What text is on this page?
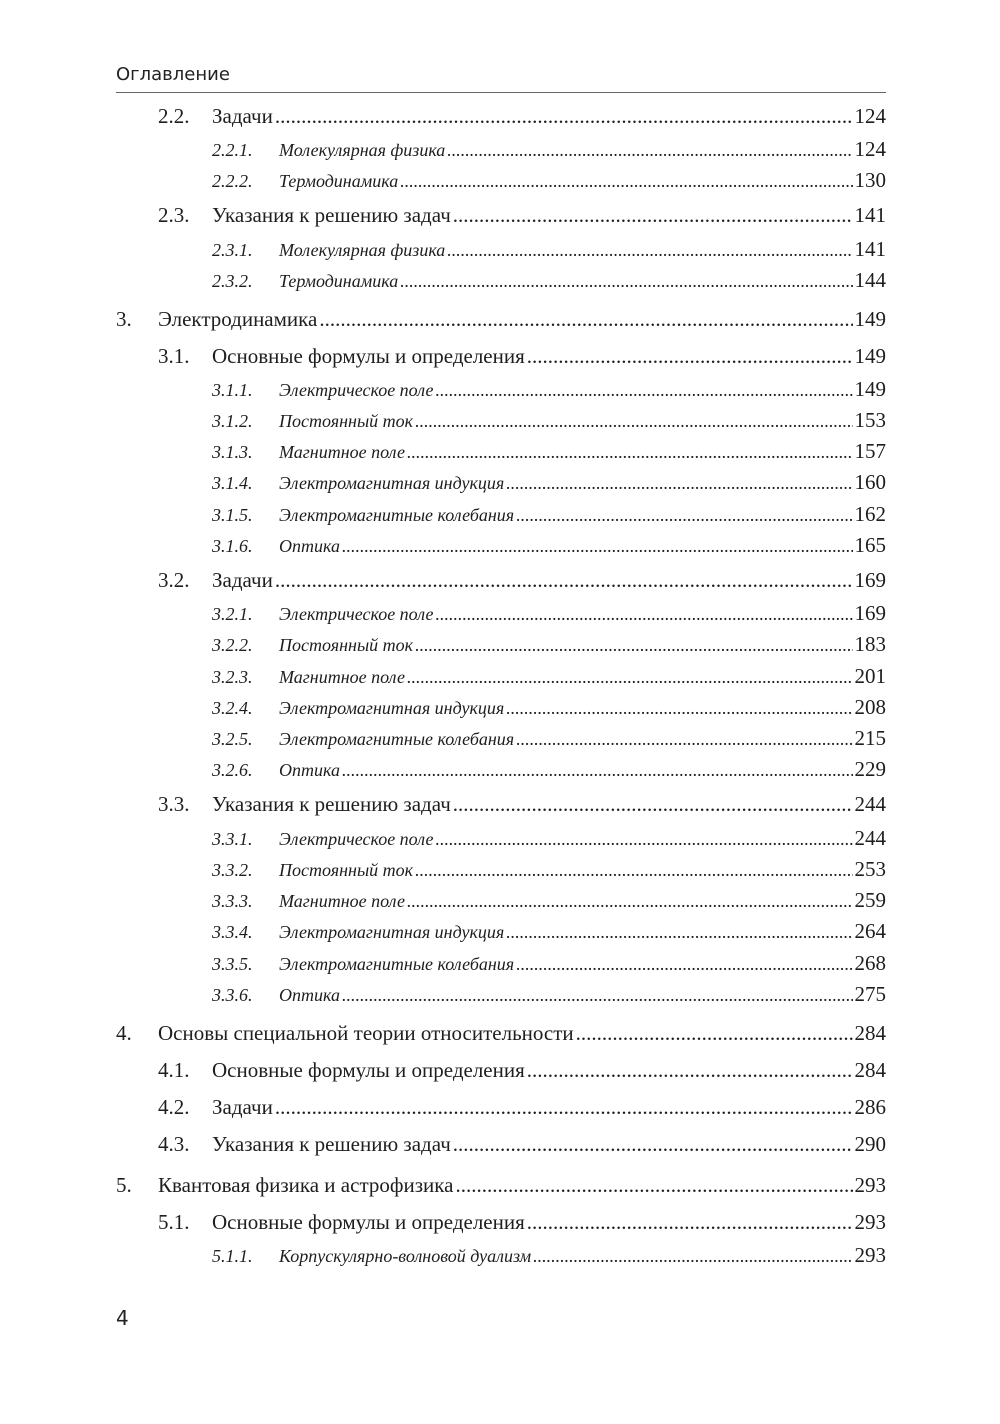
Оглавление
2.2.	Задачи .....	124
2.2.1.	Молекулярная физика .....	124
2.2.2.	Термодинамика .....	130
2.3.	Указания к решению задач .....	141
2.3.1.	Молекулярная физика .....	141
2.3.2.	Термодинамика .....	144
3.	Электродинамика .....	149
3.1.	Основные формулы и определения .....	149
3.1.1.	Электрическое поле .....	149
3.1.2.	Постоянный ток .....	153
3.1.3.	Магнитное поле .....	157
3.1.4.	Электромагнитная индукция .....	160
3.1.5.	Электромагнитные колебания .....	162
3.1.6.	Оптика .....	165
3.2.	Задачи .....	169
3.2.1.	Электрическое поле .....	169
3.2.2.	Постоянный ток .....	183
3.2.3.	Магнитное поле .....	201
3.2.4.	Электромагнитная индукция .....	208
3.2.5.	Электромагнитные колебания .....	215
3.2.6.	Оптика .....	229
3.3.	Указания к решению задач .....	244
3.3.1.	Электрическое поле .....	244
3.3.2.	Постоянный ток .....	253
3.3.3.	Магнитное поле .....	259
3.3.4.	Электромагнитная индукция .....	264
3.3.5.	Электромагнитные колебания .....	268
3.3.6.	Оптика .....	275
4.	Основы специальной теории относительности .....	284
4.1.	Основные формулы и определения .....	284
4.2.	Задачи .....	286
4.3.	Указания к решению задач .....	290
5.	Квантовая физика и астрофизика .....	293
5.1.	Основные формулы и определения .....	293
5.1.1.	Корпускулярно-волновой дуализм .....	293
4
